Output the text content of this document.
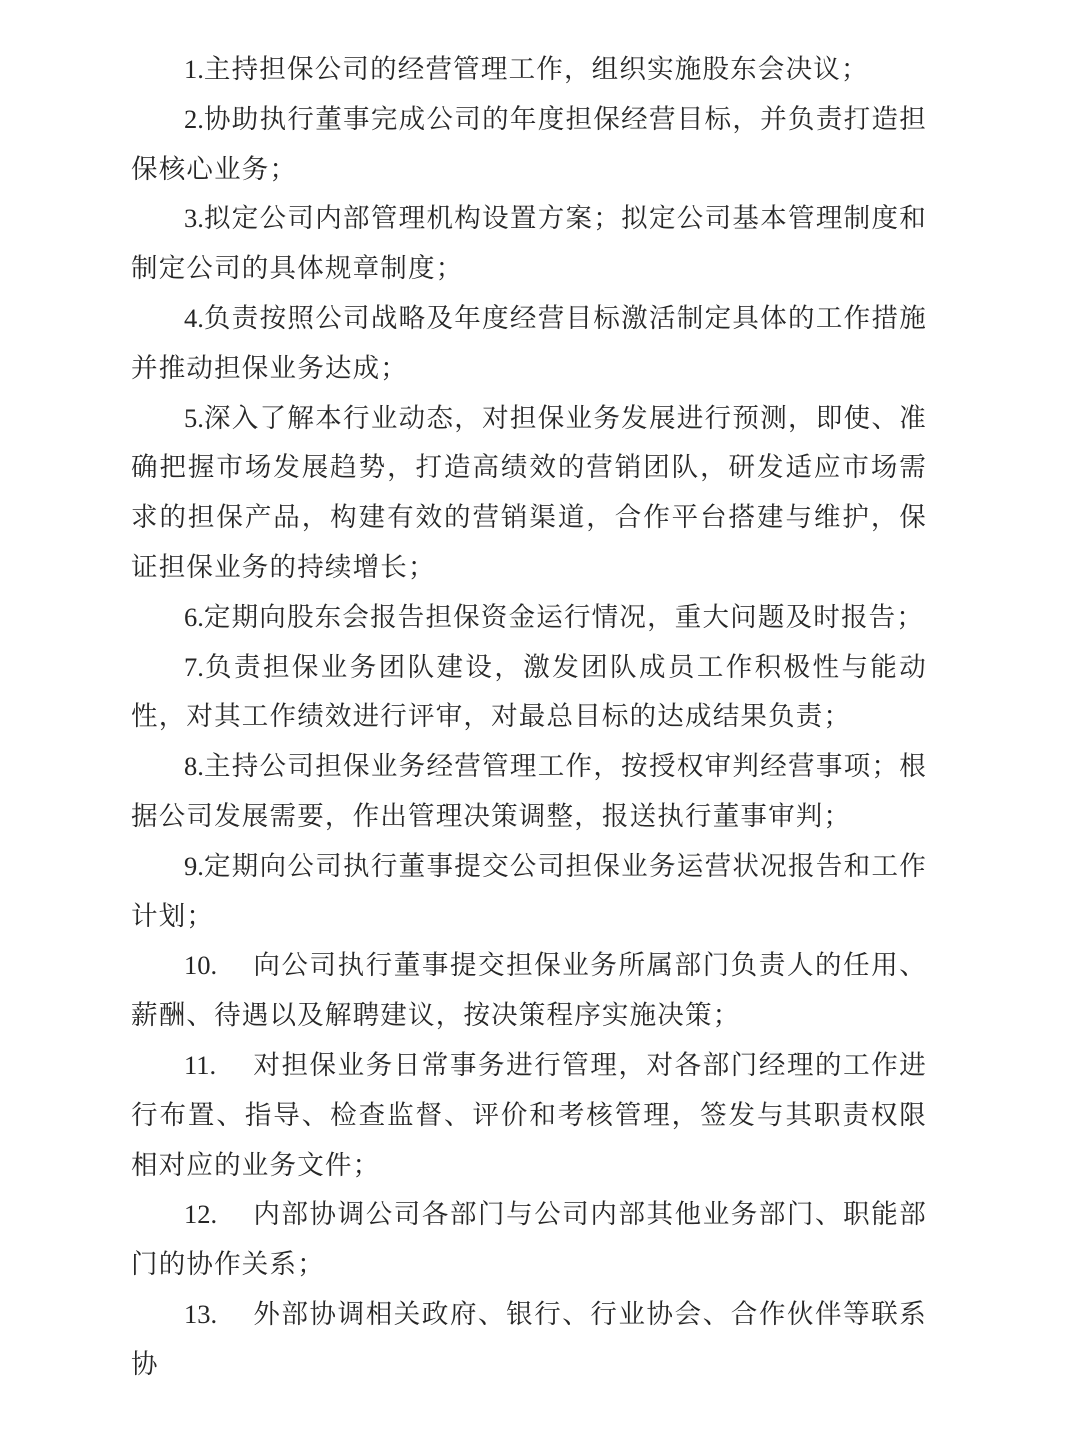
1.主持担保公司的经营管理工作，组织实施股东会决议；

2.协助执行董事完成公司的年度担保经营目标，并负责打造担保核心业务；

3.拟定公司内部管理机构设置方案；拟定公司基本管理制度和制定公司的具体规章制度；

4.负责按照公司战略及年度经营目标激活制定具体的工作措施并推动担保业务达成；

5.深入了解本行业动态，对担保业务发展进行预测，即使、准确把握市场发展趋势，打造高绩效的营销团队，研发适应市场需求的担保产品，构建有效的营销渠道，合作平台搭建与维护，保证担保业务的持续增长；

6.定期向股东会报告担保资金运行情况，重大问题及时报告；

7.负责担保业务团队建设，激发团队成员工作积极性与能动性，对其工作绩效进行评审，对最总目标的达成结果负责；

8.主持公司担保业务经营管理工作，按授权审判经营事项；根据公司发展需要，作出管理决策调整，报送执行董事审判；

9.定期向公司执行董事提交公司担保业务运营状况报告和工作计划；

10. 向公司执行董事提交担保业务所属部门负责人的任用、薪酬、待遇以及解聘建议，按决策程序实施决策；

11. 对担保业务日常事务进行管理，对各部门经理的工作进行布置、指导、检查监督、评价和考核管理，签发与其职责权限相对应的业务文件；

12. 内部协调公司各部门与公司内部其他业务部门、职能部门的协作关系；

13. 外部协调相关政府、银行、行业协会、合作伙伴等联系协
